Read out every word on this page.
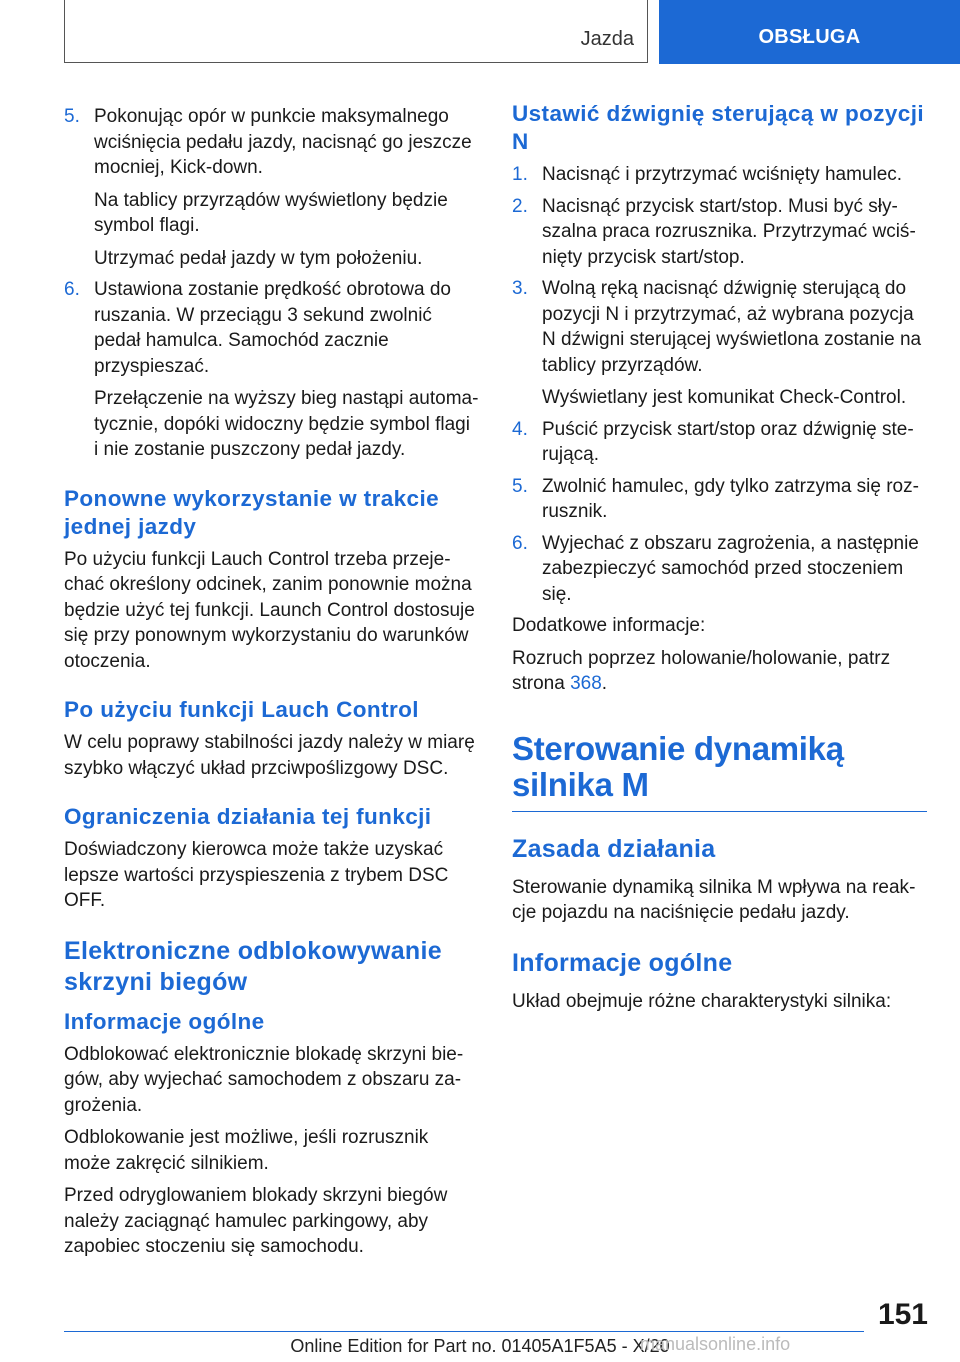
Jazda	OBSŁUGA
5. Pokonując opór w punkcie maksymalnego wciśnięcia pedału jazdy, nacisnąć go jeszcze mocniej, Kick-down.

Na tablicy przyrządów wyświetlony będzie symbol flagi.

Utrzymać pedał jazdy w tym położeniu.

6. Ustawiona zostanie prędkość obrotowa do ruszania. W przeciągu 3 sekund zwolnić pedał hamulca. Samochód zacznie przyspieszać.

Przełączenie na wyższy bieg nastąpi automatycznie, dopóki widoczny będzie symbol flagi i nie zostanie puszczony pedał jazdy.

Ponowne wykorzystanie w trakcie jednej jazdy

Po użyciu funkcji Lauch Control trzeba przejechać określony odcinek, zanim ponownie można będzie użyć tej funkcji. Launch Control dostosuje się przy ponownym wykorzystaniu do warunków otoczenia.

Po użyciu funkcji Lauch Control

W celu poprawy stabilności jazdy należy w miarę szybko włączyć układ przciwpoślizgowy DSC.

Ograniczenia działania tej funkcji

Doświadczony kierowca może także uzyskać lepsze wartości przyspieszenia z trybem DSC OFF.

Elektroniczne odblokowywanie skrzyni biegów
Informacje ogólne

Odblokować elektronicznie blokadę skrzyni biegów, aby wyjechać samochodem z obszaru zagrożenia.

Odblokowanie jest możliwe, jeśli rozrusznik może zakręcić silnikiem.

Przed odryglowaniem blokady skrzyni biegów należy zaciągnąć hamulec parkingowy, aby zapobiec stoczeniu się samochodu.

Ustawić dźwignię sterującą w pozycji N
1. Nacisnąć i przytrzymać wciśnięty hamulec.

2. Nacisnąć przycisk start/stop. Musi być słyszalna praca rozrusznika. Przytrzymać wciśnięty przycisk start/stop.

3. Wolną ręką nacisnąć dźwignię sterującą do pozycji N i przytrzymać, aż wybrana pozycja N dźwigni sterującej wyświetlona zostanie na tablicy przyrządów.

Wyświetlany jest komunikat Check-Control.

4. Puścić przycisk start/stop oraz dźwignię sterującą.

5. Zwolnić hamulec, gdy tylko zatrzyma się rozrusznik.

6. Wyjechać z obszaru zagrożenia, a następnie zabezpieczyć samochód przed stoczeniem się.

Dodatkowe informacje:

Rozruch poprzez holowanie/holowanie, patrz strona 368.

Sterowanie dynamiką silnika M
Zasada działania

Sterowanie dynamiką silnika M wpływa na reakcje pojazdu na naciśnięcie pedału jazdy.

Informacje ogólne

Układ obejmuje różne charakterystyki silnika:

151
Online Edition for Part no. 01405A1F5A5 - X/20
manualsonline.info
